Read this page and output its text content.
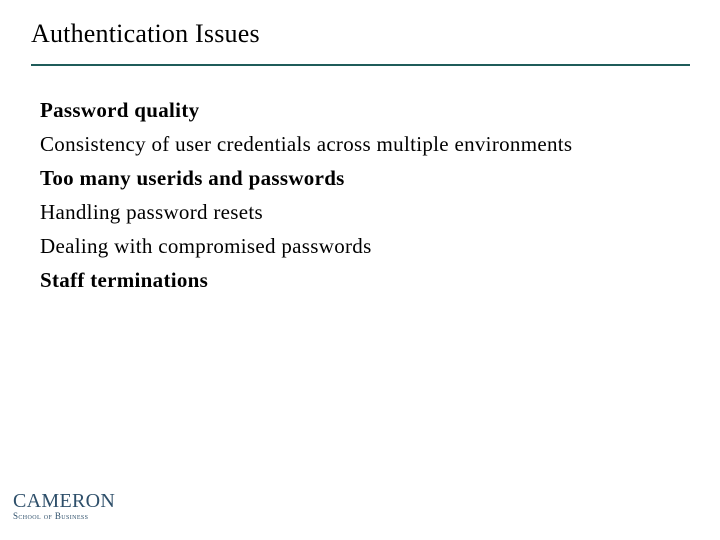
Authentication Issues
Password quality
Consistency of user credentials across multiple environments
Too many userids and passwords
Handling password resets
Dealing with compromised passwords
Staff terminations
CAMERON
School of Business
